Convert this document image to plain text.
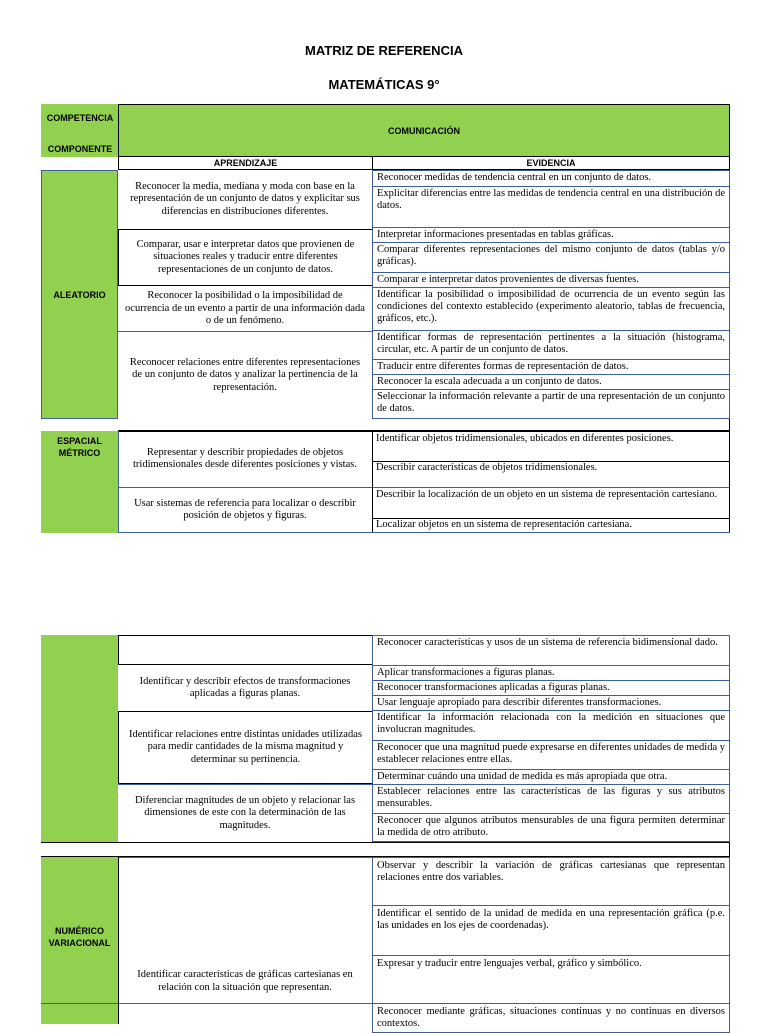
MATRIZ DE REFERENCIA
MATEMÁTICAS 9°
COMPETENCIA
COMPONENTE
COMUNICACIÓN
APRENDIZAJE	EVIDENCIA
ALEATORIO
ESPACIAL MÉTRICO
Reconocer la media, mediana y moda con base en la representación de un conjunto de datos y explicitar sus diferencias en distribuciones diferentes.
Comparar, usar e interpretar datos que provienen de situaciones reales y traducir entre diferentes representaciones de un conjunto de datos.
Reconocer la posibilidad o la imposibilidad de ocurrencia de un evento a partir de una información dada o de un fenómeno.
Reconocer relaciones entre diferentes representaciones de un conjunto de datos y analizar la pertinencia de la representación.
Representar y describir propiedades de objetos tridimensionales desde diferentes posiciones y vistas.
Usar sistemas de referencia para localizar o describir posición de objetos y figuras.
Reconocer medidas de tendencia central en un conjunto de datos.
Explicitar diferencias entre las medidas de tendencia central en una distribución de datos.
Interpretar informaciones presentadas en tablas gráficas.
Comparar diferentes representaciones del mismo conjunto de datos (tablas y/o gráficas).
Comparar e interpretar datos provenientes de diversas fuentes.
Identificar la posibilidad o imposibilidad de ocurrencia de un evento según las condiciones del contexto establecido (experimento aleatorio, tablas de frecuencia, gráficos, etc.).
Identificar formas de representación pertinentes a la situación (histograma, circular, etc. A partir de un conjunto de datos.
Traducir entre diferentes formas de representación de datos.
Reconocer la escala adecuada a un conjunto de datos.
Seleccionar la información relevante a partir de una representación de un conjunto de datos.
Identificar objetos tridimensionales, ubicados en diferentes posiciones.
Describir características de objetos tridimensionales.
Describir la localización de un objeto en un sistema de representación cartesiano.
Localizar objetos en un sistema de representación cartesiana.
NUMÉRICO VARIACIONAL
Identificar y describir efectos de transformaciones aplicadas a figuras planas.
Identificar relaciones entre distintas unidades utilizadas para medir cantidades de la misma magnitud y determinar su pertinencia.
Diferenciar magnitudes de un objeto y relacionar las dimensiones de este con la determinación de las magnitudes.
Identificar características de gráficas cartesianas en relación con la situación que representan.
Reconocer características y usos de un sistema de referencia bidimensional dado.
Aplicar transformaciones a figuras planas.
Reconocer transformaciones aplicadas a figuras planas.
Usar lenguaje apropiado para describir diferentes transformaciones.
Identificar la información relacionada con la medición en situaciones que involucran magnitudes.
Reconocer que una magnitud puede expresarse en diferentes unidades de medida y establecer relaciones entre ellas.
Determinar cuándo una unidad de medida es más apropiada que otra.
Establecer relaciones entre las características de las figuras y sus atributos mensurables.
Reconocer que algunos atributos mensurables de una figura permiten determinar la medida de otro atributo.
Observar y describir la variación de gráficas cartesianas que representan relaciones entre dos variables.
Identificar el sentido de la unidad de medida en una representación gráfica (p.e. las unidades en los ejes de coordenadas).
Expresar y traducir entre lenguajes verbal, gráfico y simbólico.
Reconocer mediante gráficas, situaciones continuas y no continuas en diversos contextos.
